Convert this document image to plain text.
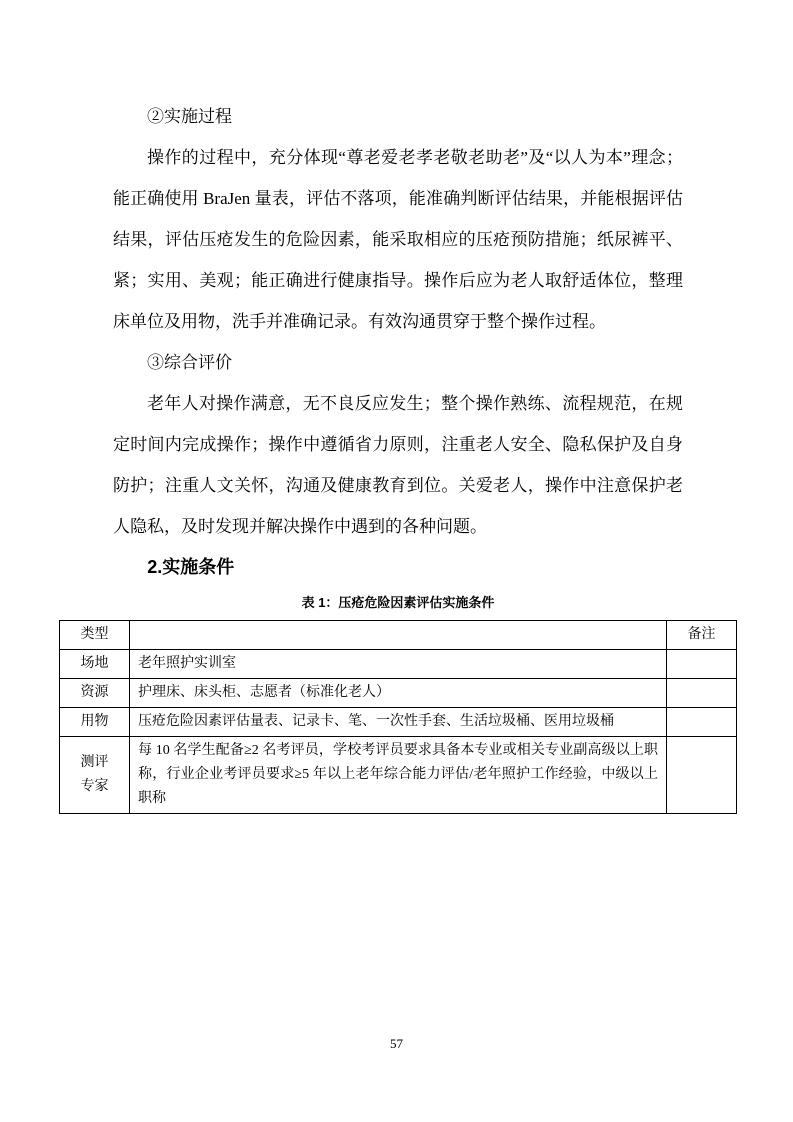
②实施过程

操作的过程中，充分体现“尊老爱老孝老敬老助老”及“以人为本”理念；能正确使用 BraJen 量表，评估不落项，能准确判断评估结果，并能根据评估结果，评估压疮发生的危险因素，能采取相应的压疮预防措施；纸尿裤平、紧；实用、美观；能正确进行健康指导。操作后应为老人取舒适体位，整理床单位及用物，洗手并准确记录。有效沟通贯穿于整个操作过程。

③综合评价

老年人对操作满意，无不良反应发生；整个操作熟练、流程规范，在规定时间内完成操作；操作中遵循省力原则，注重老人安全、隐私保护及自身防护；注重人文关怀，沟通及健康教育到位。关爱老人，操作中注意保护老人隐私，及时发现并解决操作中遇到的各种问题。

2.实施条件
表 1：压疮危险因素评估实施条件
类型		备注
场地	老年照护实训室	
资源	护理床、床头柜、志愿者（标准化老人）	
用物	压疮危险因素评估量表、记录卡、笔、一次性手套、生活垃圾桶、医用垃圾桶	
测评专家	每 10 名学生配备≥2 名考评员，学校考评员要求具备本专业或相关专业副高级以上职称，行业企业考评员要求≥5 年以上老年综合能力评估/老年照护工作经验，中级以上职称	
57
